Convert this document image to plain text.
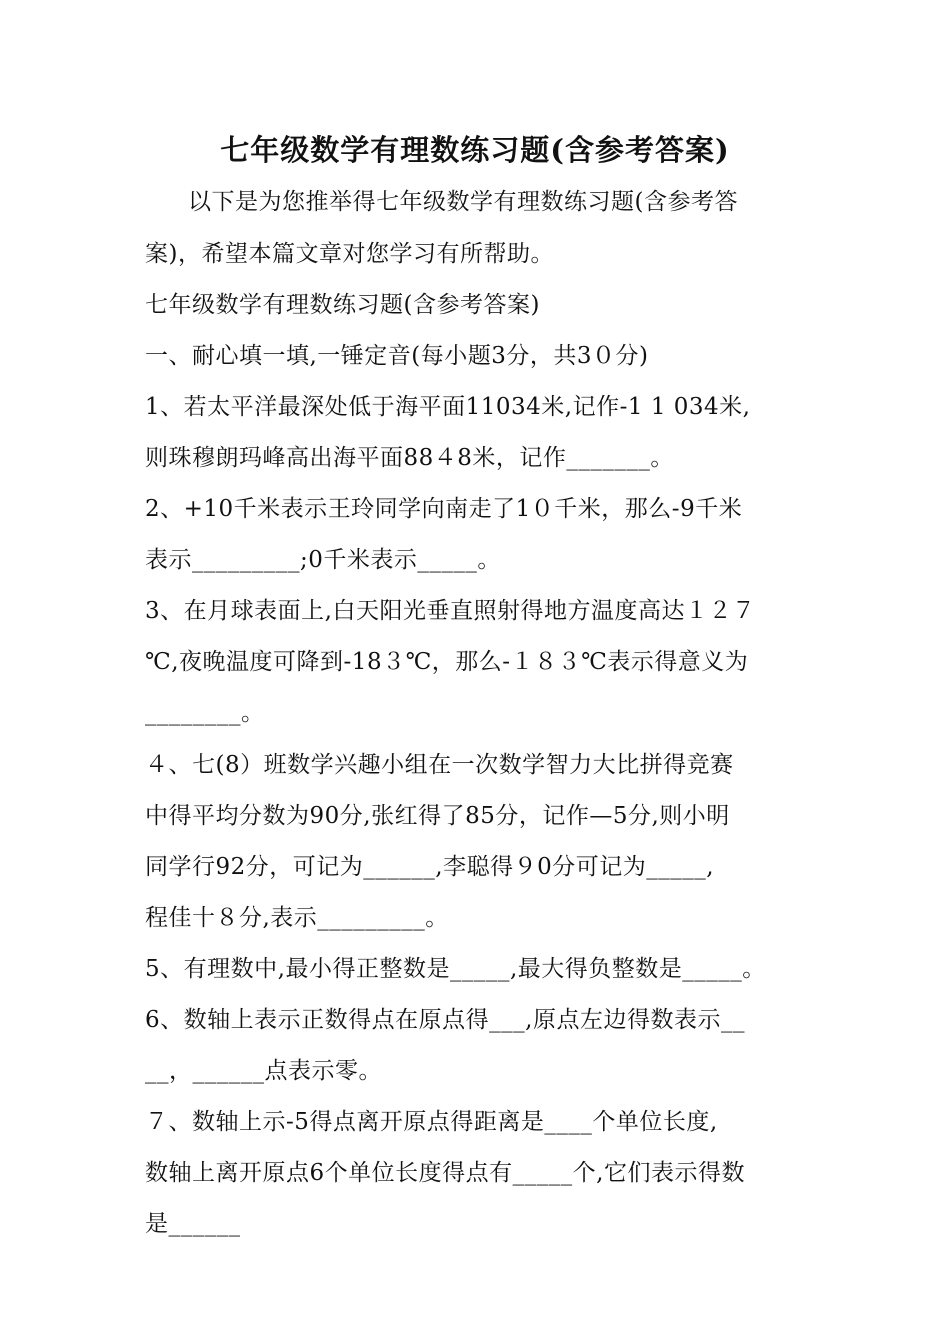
七年级数学有理数练习题(含参考答案)
以下是为您推举得七年级数学有理数练习题(含参考答
案)，希望本篇文章对您学习有所帮助。
七年级数学有理数练习题(含参考答案)
一、耐心填一填,一锤定音(每小题3分，共3０分)
1、若太平洋最深处低于海平面11034米,记作-1 1 034米,
则珠穆朗玛峰高出海平面88４8米，记作_______。
2、+10千米表示王玲同学向南走了1０千米，那么-9千米
表示_________;0千米表示_____。
3、在月球表面上,白天阳光垂直照射得地方温度高达１２７
℃,夜晚温度可降到-18３℃，那么-１８３℃表示得意义为
________。
４、七(8）班数学兴趣小组在一次数学智力大比拼得竞赛
中得平均分数为90分,张红得了85分，记作—5分,则小明
同学行92分，可记为______,李聪得９0分可记为_____,
程佳十８分,表示_________。
5、有理数中,最小得正整数是_____,最大得负整数是_____。
6、数轴上表示正数得点在原点得___,原点左边得数表示__
__，______点表示零。
７、数轴上示-5得点离开原点得距离是____个单位长度,
数轴上离开原点6个单位长度得点有_____个,它们表示得数
是______
